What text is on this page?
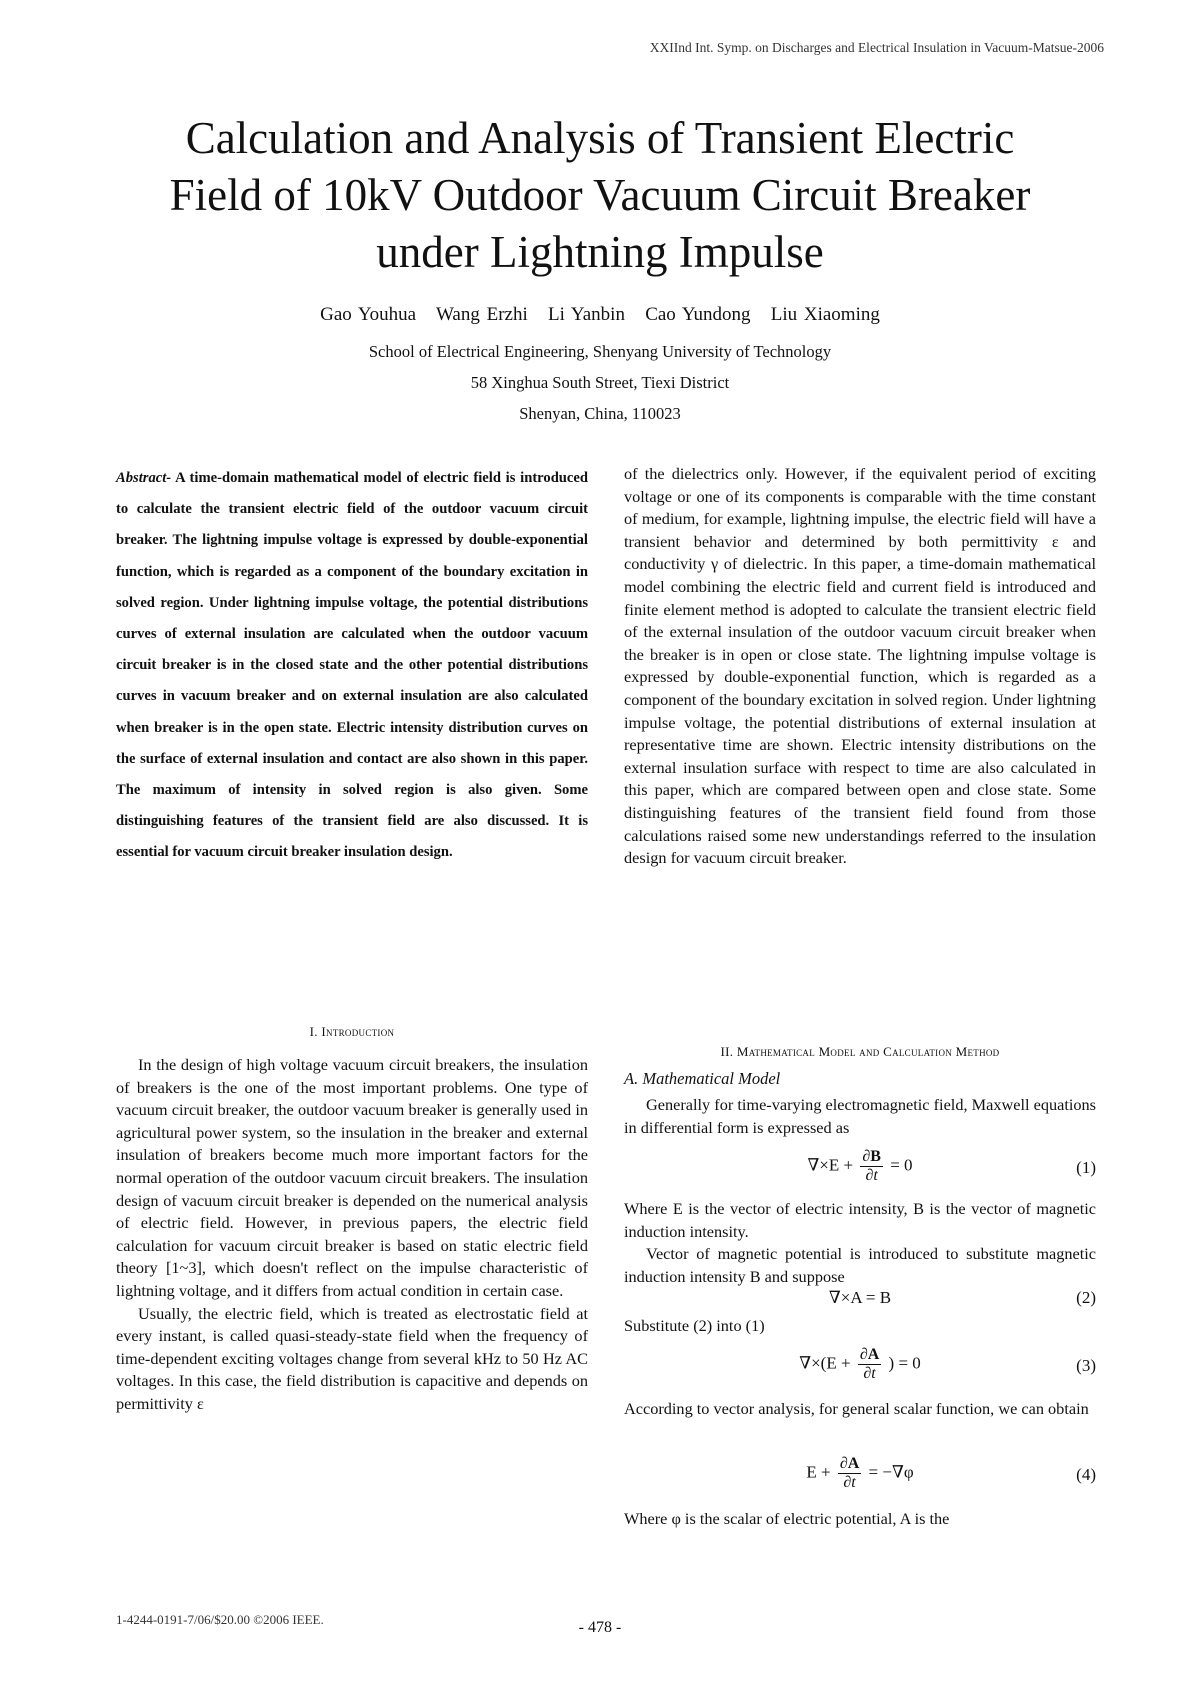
XXIInd Int. Symp. on Discharges and Electrical Insulation in Vacuum-Matsue-2006
Calculation and Analysis of Transient Electric
Field of 10kV Outdoor Vacuum Circuit Breaker
under Lightning Impulse
Gao Youhua   Wang Erzhi   Li Yanbin   Cao Yundong   Liu Xiaoming
School of Electrical Engineering, Shenyang University of Technology
58 Xinghua South Street, Tiexi District
Shenyan, China, 110023

Abstract- A time-domain mathematical model of electric field is introduced to calculate the transient electric field of the outdoor vacuum circuit breaker. The lightning impulse voltage is expressed by double-exponential function, which is regarded as a component of the boundary excitation in solved region. Under lightning impulse voltage, the potential distributions curves of external insulation are calculated when the outdoor vacuum circuit breaker is in the closed state and the other potential distributions curves in vacuum breaker and on external insulation are also calculated when breaker is in the open state. Electric intensity distribution curves on the surface of external insulation and contact are also shown in this paper. The maximum of intensity in solved region is also given. Some distinguishing features of the transient field are also discussed. It is essential for vacuum circuit breaker insulation design.

I. Introduction

In the design of high voltage vacuum circuit breakers, the insulation of breakers is the one of the most important problems. One type of vacuum circuit breaker, the outdoor vacuum breaker is generally used in agricultural power system, so the insulation in the breaker and external insulation of breakers become much more important factors for the normal operation of the outdoor vacuum circuit breakers. The insulation design of vacuum circuit breaker is depended on the numerical analysis of electric field. However, in previous papers, the electric field calculation for vacuum circuit breaker is based on static electric field theory [1~3], which doesn't reflect on the impulse characteristic of lightning voltage, and it differs from actual condition in certain case.

Usually, the electric field, which is treated as electrostatic field at every instant, is called quasi-steady-state field when the frequency of time-dependent exciting voltages change from several kHz to 50 Hz AC voltages. In this case, the field distribution is capacitive and depends on permittivity ε

of the dielectrics only. However, if the equivalent period of exciting voltage or one of its components is comparable with the time constant of medium, for example, lightning impulse, the electric field will have a transient behavior and determined by both permittivity ε and conductivity γ of dielectric. In this paper, a time-domain mathematical model combining the electric field and current field is introduced and finite element method is adopted to calculate the transient electric field of the external insulation of the outdoor vacuum circuit breaker when the breaker is in open or close state. The lightning impulse voltage is expressed by double-exponential function, which is regarded as a component of the boundary excitation in solved region. Under lightning impulse voltage, the potential distributions of external insulation at representative time are shown. Electric intensity distributions on the external insulation surface with respect to time are also calculated in this paper, which are compared between open and close state. Some distinguishing features of the transient field found from those calculations raised some new understandings referred to the insulation design for vacuum circuit breaker.
II. Mathematical Model and Calculation Method
A. Mathematical Model

Generally for time-varying electromagnetic field, Maxwell equations in differential form is expressed as

$\nabla\times E + \frac{\partial B}{\partial t} = 0$	(1)

Where E is the vector of electric intensity, B is the vector of magnetic induction intensity.

Vector of magnetic potential is introduced to substitute magnetic induction intensity B and suppose

∇×A = B	(2)

Substitute (2) into (1)

$\nabla\times(E + \frac{\partial A}{\partial t}$ ) = 0	(3)

According to vector analysis, for general scalar function, we can obtain

$E + \frac{\partial A}{\partial t} = -\nabla\varphi$	(4)

Where φ is the scalar of electric potential, A is the

1-4244-0191-7/06/$20.00 ©2006 IEEE.	- 478 -
